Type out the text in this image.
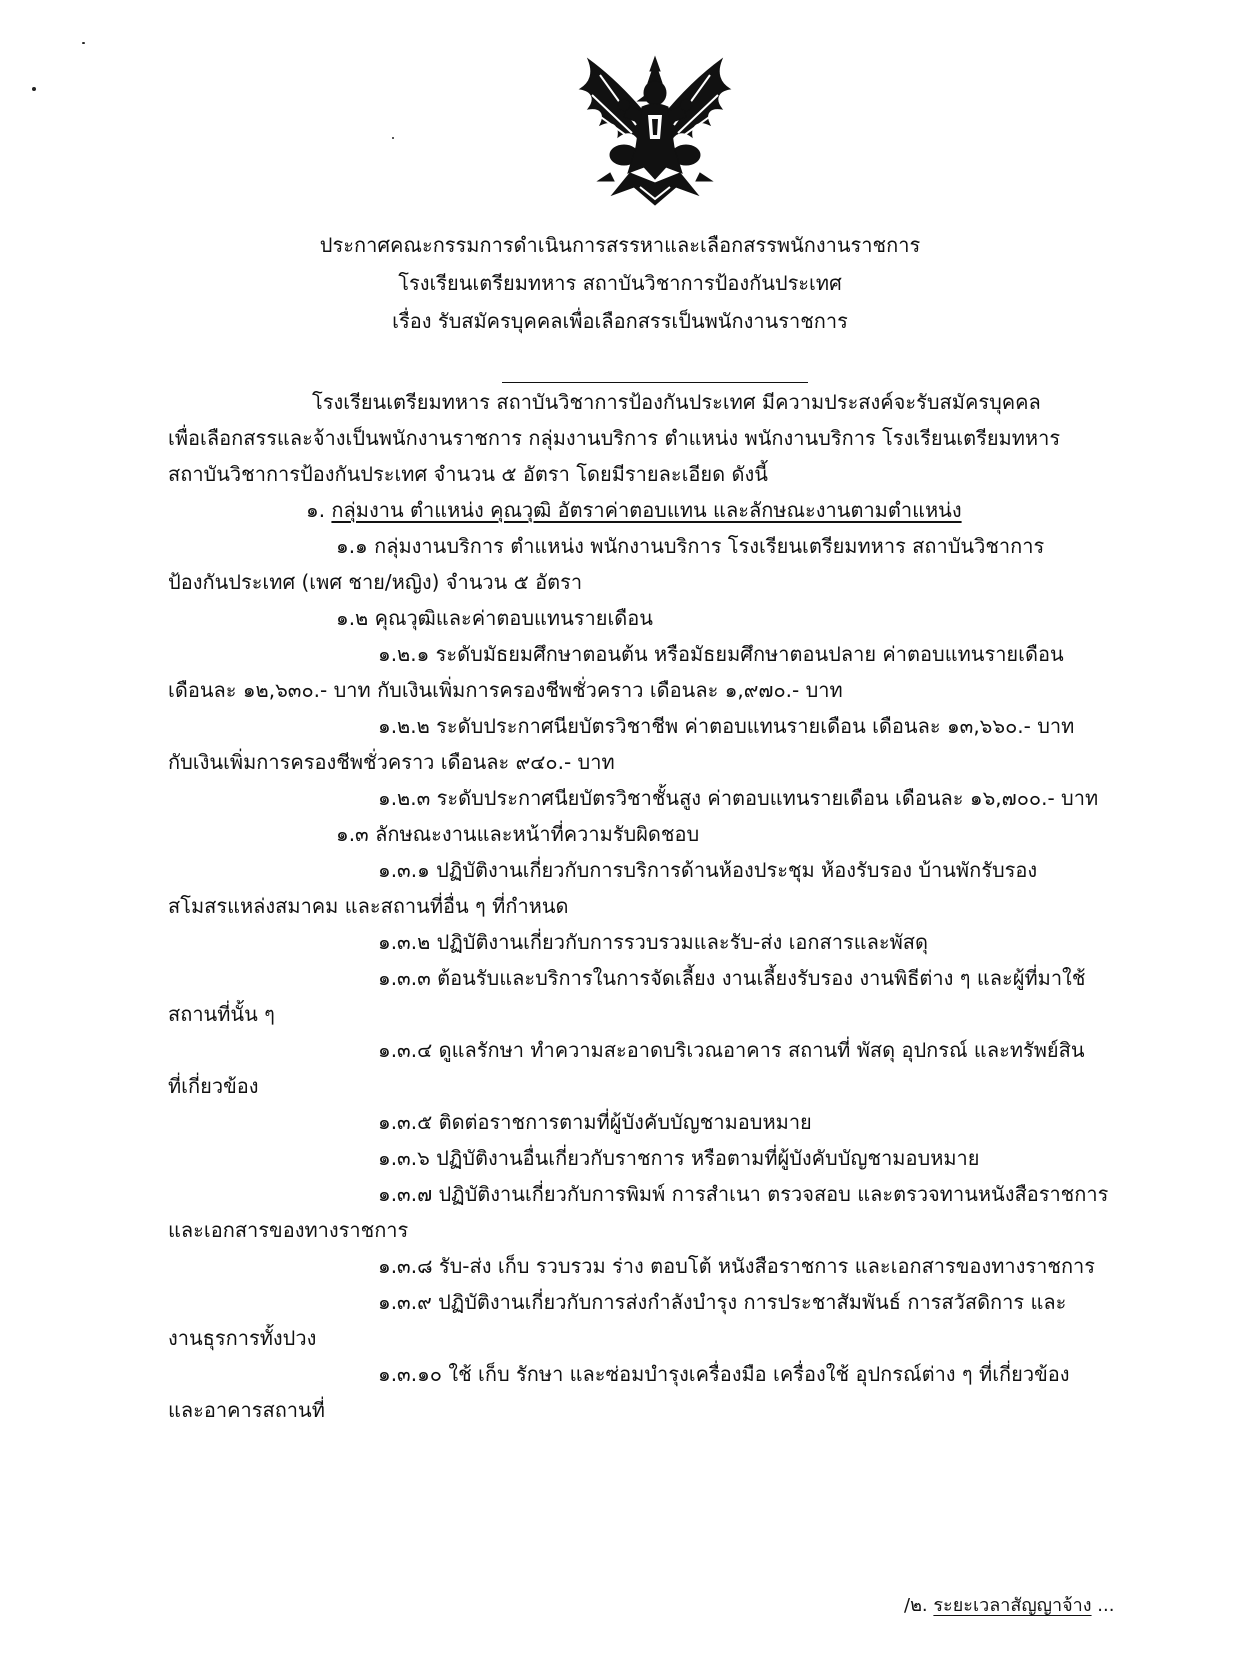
ประกาศคณะกรรมการดำเนินการสรรหาและเลือกสรรพนักงานราชการ
โรงเรียนเตรียมทหาร สถาบันวิชาการป้องกันประเทศ
เรื่อง รับสมัครบุคคลเพื่อเลือกสรรเป็นพนักงานราชการ
โรงเรียนเตรียมทหาร สถาบันวิชาการป้องกันประเทศ มีความประสงค์จะรับสมัครบุคคล
เพื่อเลือกสรรและจ้างเป็นพนักงานราชการ กลุ่มงานบริการ ตำแหน่ง พนักงานบริการ โรงเรียนเตรียมทหาร
สถาบันวิชาการป้องกันประเทศ จำนวน ๕ อัตรา โดยมีรายละเอียด ดังนี้
๑. กลุ่มงาน ตำแหน่ง คุณวุฒิ อัตราค่าตอบแทน และลักษณะงานตามตำแหน่ง
๑.๑ กลุ่มงานบริการ ตำแหน่ง พนักงานบริการ โรงเรียนเตรียมทหาร สถาบันวิชาการ
ป้องกันประเทศ (เพศ ชาย/หญิง) จำนวน ๕ อัตรา
๑.๒ คุณวุฒิและค่าตอบแทนรายเดือน
๑.๒.๑ ระดับมัธยมศึกษาตอนต้น หรือมัธยมศึกษาตอนปลาย ค่าตอบแทนรายเดือน
เดือนละ ๑๒,๖๓๐.- บาท กับเงินเพิ่มการครองชีพชั่วคราว เดือนละ ๑,๙๗๐.- บาท
๑.๒.๒ ระดับประกาศนียบัตรวิชาชีพ ค่าตอบแทนรายเดือน เดือนละ ๑๓,๖๖๐.- บาท
กับเงินเพิ่มการครองชีพชั่วคราว เดือนละ ๙๔๐.- บาท
๑.๒.๓ ระดับประกาศนียบัตรวิชาชั้นสูง ค่าตอบแทนรายเดือน เดือนละ ๑๖,๗๐๐.- บาท
๑.๓ ลักษณะงานและหน้าที่ความรับผิดชอบ
๑.๓.๑ ปฏิบัติงานเกี่ยวกับการบริการด้านห้องประชุม ห้องรับรอง บ้านพักรับรอง
สโมสรแหล่งสมาคม และสถานที่อื่น ๆ ที่กำหนด
๑.๓.๒ ปฏิบัติงานเกี่ยวกับการรวบรวมและรับ-ส่ง เอกสารและพัสดุ
๑.๓.๓ ต้อนรับและบริการในการจัดเลี้ยง งานเลี้ยงรับรอง งานพิธีต่าง ๆ และผู้ที่มาใช้
สถานที่นั้น ๆ
๑.๓.๔ ดูแลรักษา ทำความสะอาดบริเวณอาคาร สถานที่ พัสดุ อุปกรณ์ และทรัพย์สิน
ที่เกี่ยวข้อง
๑.๓.๕ ติดต่อราชการตามที่ผู้บังคับบัญชามอบหมาย
๑.๓.๖ ปฏิบัติงานอื่นเกี่ยวกับราชการ หรือตามที่ผู้บังคับบัญชามอบหมาย
๑.๓.๗ ปฏิบัติงานเกี่ยวกับการพิมพ์ การสำเนา ตรวจสอบ และตรวจทานหนังสือราชการ
และเอกสารของทางราชการ
๑.๓.๘ รับ-ส่ง เก็บ รวบรวม ร่าง ตอบโต้ หนังสือราชการ และเอกสารของทางราชการ
๑.๓.๙ ปฏิบัติงานเกี่ยวกับการส่งกำลังบำรุง การประชาสัมพันธ์ การสวัสดิการ และ
งานธุรการทั้งปวง
๑.๓.๑๐ ใช้ เก็บ รักษา และซ่อมบำรุงเครื่องมือ เครื่องใช้ อุปกรณ์ต่าง ๆ ที่เกี่ยวข้อง
และอาคารสถานที่
/๒. ระยะเวลาสัญญาจ้าง ...
